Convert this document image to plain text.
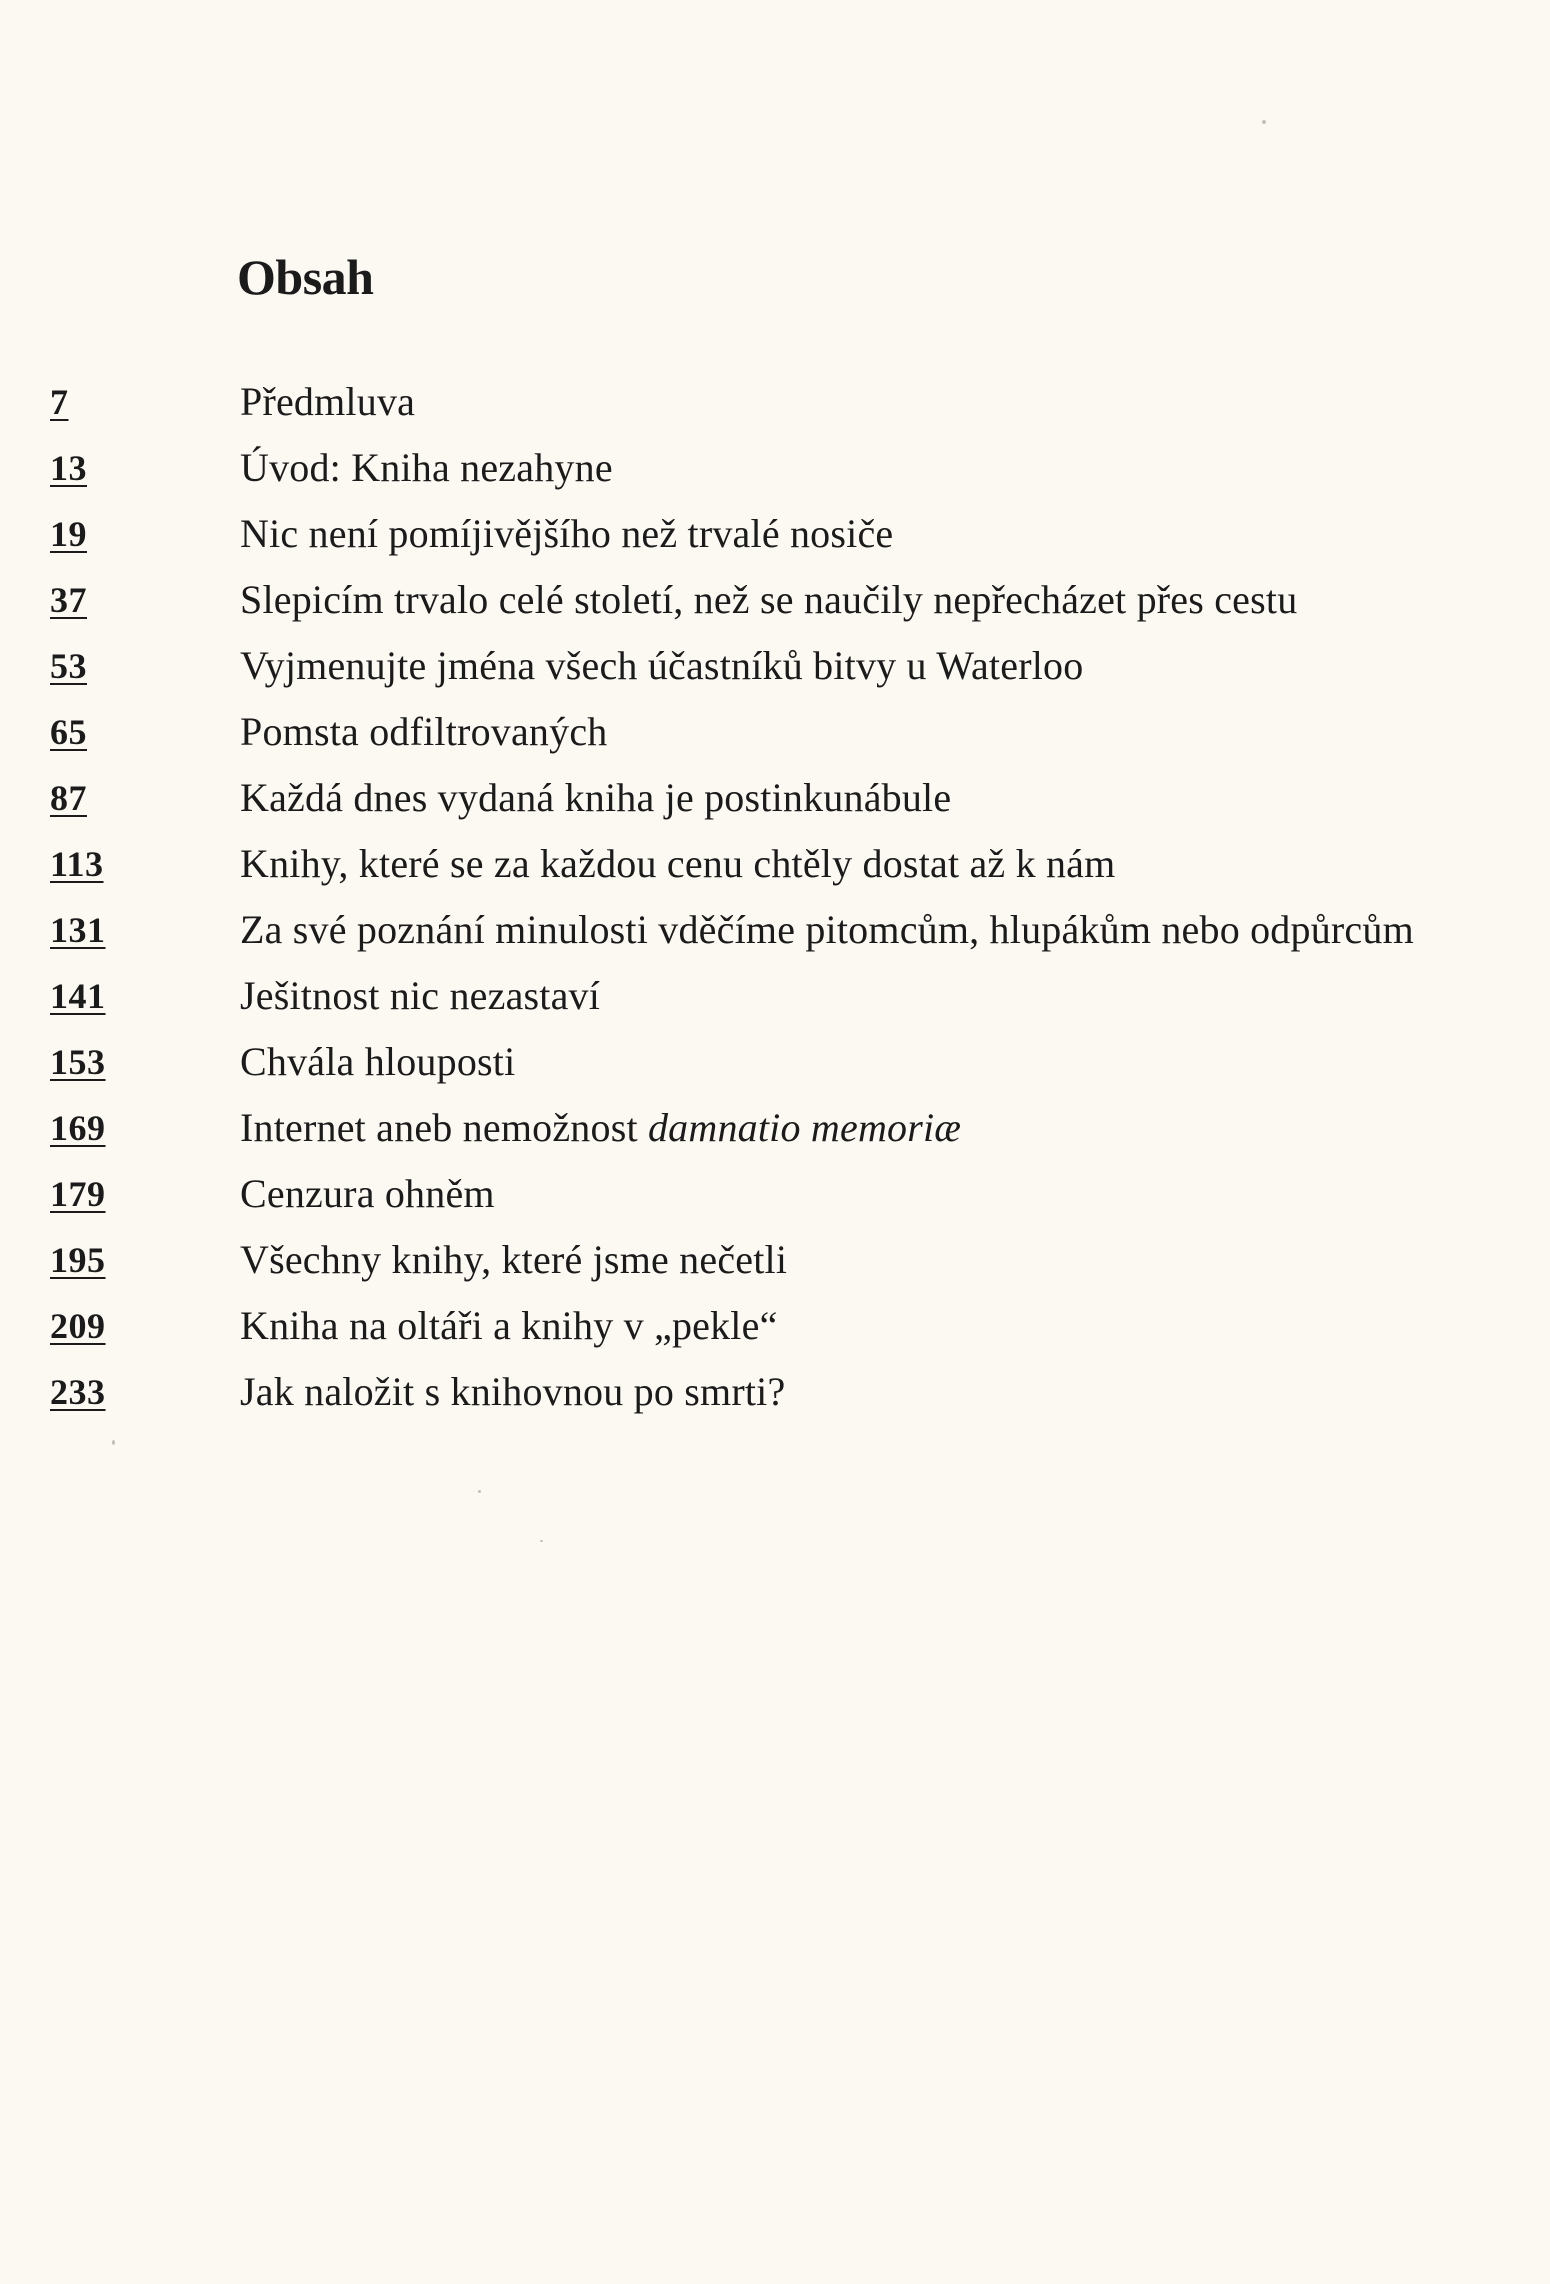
Obsah
7	Předmluva
13	Úvod: Kniha nezahyne
19	Nic není pomíjivějšího než trvalé nosiče
37	Slepicím trvalo celé století, než se naučily nepřecházet přes cestu
53	Vyjmenujte jména všech účastníků bitvy u Waterloo
65	Pomsta odfiltrovaných
87	Každá dnes vydaná kniha je postinkunábule
113	Knihy, které se za každou cenu chtěly dostat až k nám
131	Za své poznání minulosti vděčíme pitomcům, hlupákům nebo odpůrcům
141	Ješitnost nic nezastaví
153	Chvála hlouposti
169	Internet aneb nemožnost damnatio memoriæ
179	Cenzura ohněm
195	Všechny knihy, které jsme nečetli
209	Kniha na oltáři a knihy v „pekle“
233	Jak naložit s knihovnou po smrti?
